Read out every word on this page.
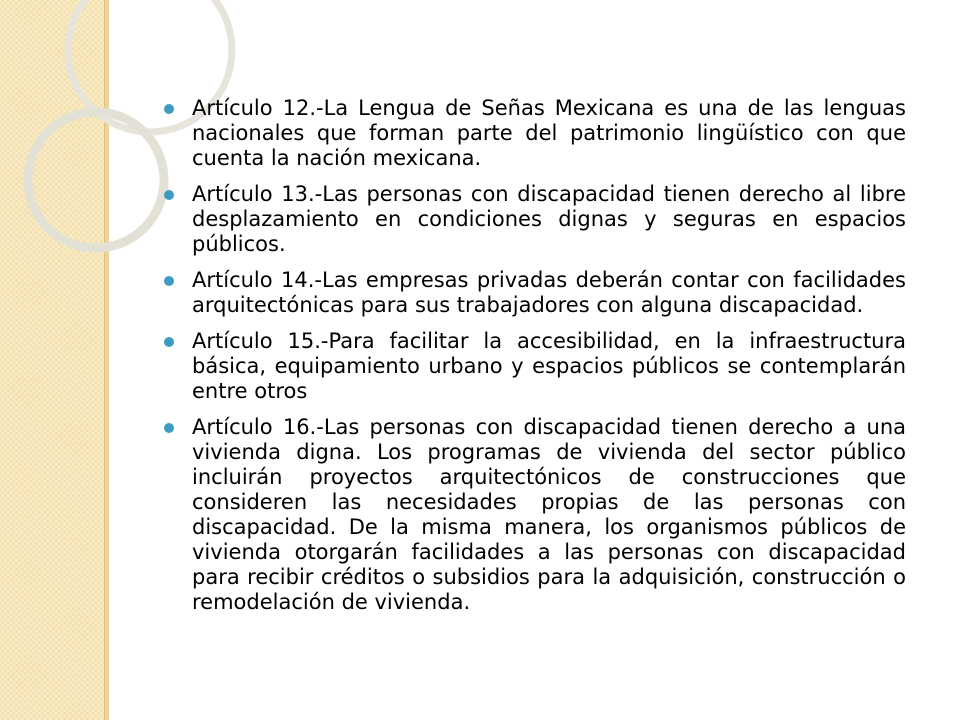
Artículo 12.-La Lengua de Señas Mexicana es una de las lenguas nacionales que forman parte del patrimonio lingüístico con que cuenta la nación mexicana.
Artículo 13.-Las personas con discapacidad tienen derecho al libre desplazamiento en condiciones dignas y seguras en espacios públicos.
Artículo 14.-Las empresas privadas deberán contar con facilidades arquitectónicas para sus trabajadores con alguna discapacidad.
Artículo 15.-Para facilitar la accesibilidad, en la infraestructura básica, equipamiento urbano y espacios públicos se contemplarán entre otros
Artículo 16.-Las personas con discapacidad tienen derecho a una vivienda digna. Los programas de vivienda del sector público incluirán proyectos arquitectónicos de construcciones que consideren las necesidades propias de las personas con discapacidad. De la misma manera, los organismos públicos de vivienda otorgarán facilidades a las personas con discapacidad para recibir créditos o subsidios para la adquisición, construcción o remodelación de vivienda.
